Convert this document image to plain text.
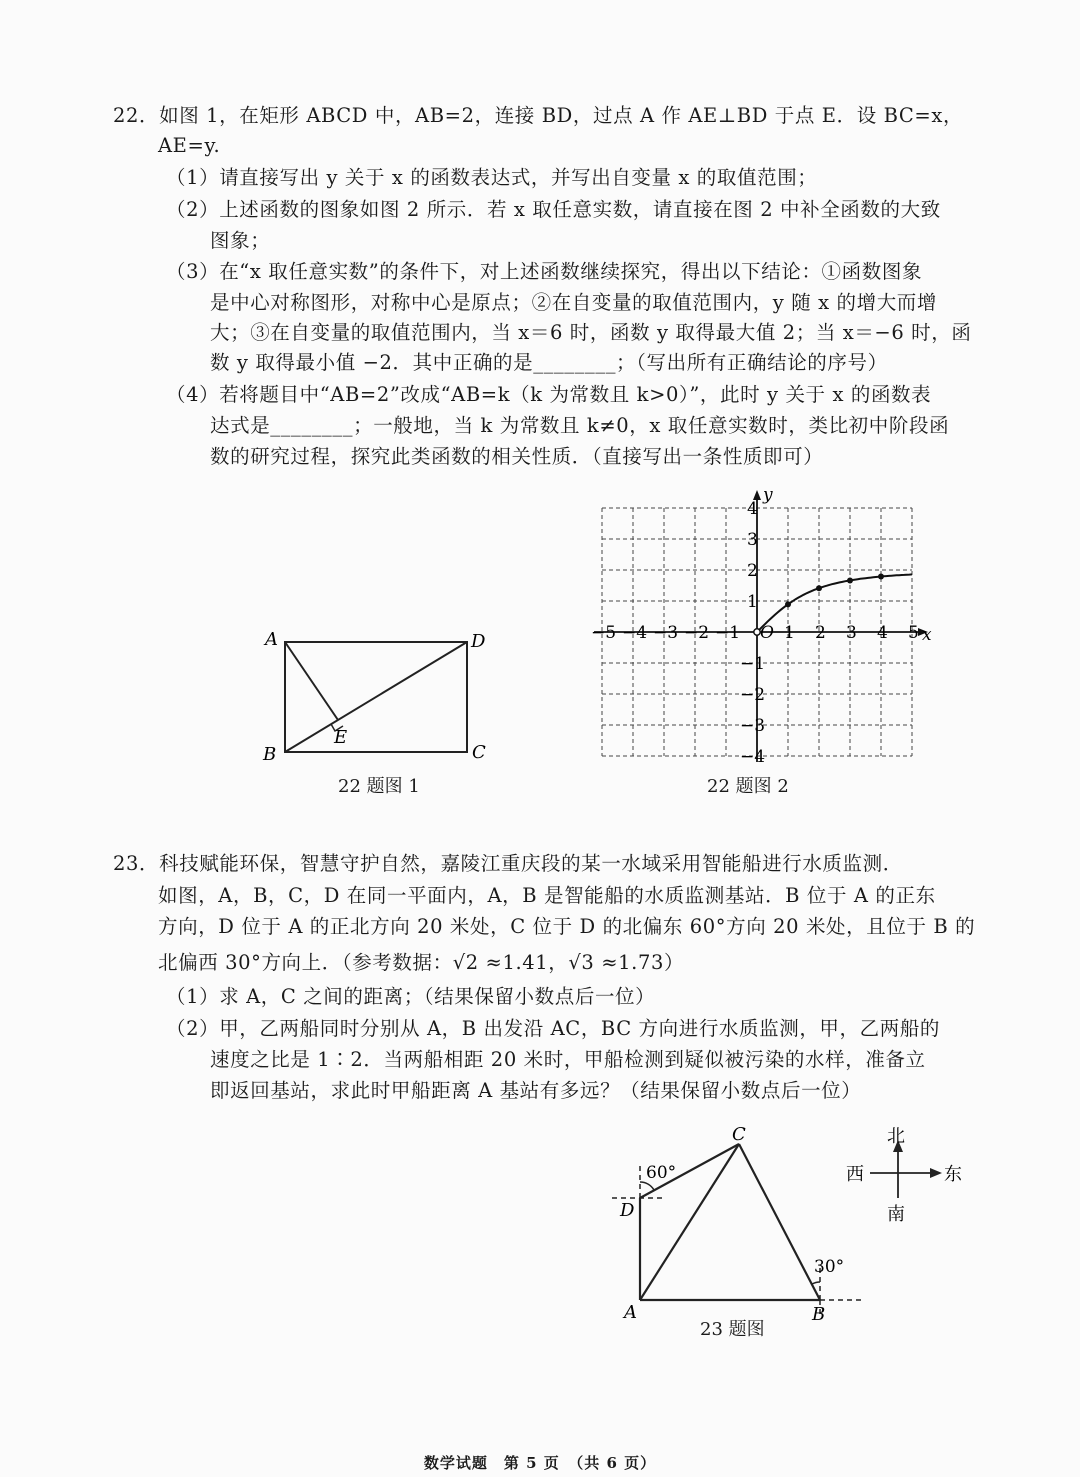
22．如图 1，在矩形 ABCD 中，AB=2，连接 BD，过点 A 作 AE⊥BD 于点 E．设 BC=x，
AE=y.
（1）请直接写出 y 关于 x 的函数表达式，并写出自变量 x 的取值范围；
（2）上述函数的图象如图 2 所示．若 x 取任意实数，请直接在图 2 中补全函数的大致
图象；
（3）在“x 取任意实数”的条件下，对上述函数继续探究，得出以下结论：①函数图象
是中心对称图形，对称中心是原点；②在自变量的取值范围内，y 随 x 的增大而增
大；③在自变量的取值范围内，当 x＝6 时，函数 y 取得最大值 2；当 x＝−6 时，函
数 y 取得最小值 −2．其中正确的是________；（写出所有正确结论的序号）
（4）若将题目中“AB=2”改成“AB=k（k 为常数且 k>0）”，此时 y 关于 x 的函数表
达式是________；一般地，当 k 为常数且 k≠0，x 取任意实数时，类比初中阶段函
数的研究过程，探究此类函数的相关性质．（直接写出一条性质即可）
A	D
B	C
E
22 题图 1
x
y
−5 −4 −3 −2 −1	1 2 3 4 5
O
4
3
2
1
−1
−2
−3
−4
22 题图 2
23．科技赋能环保，智慧守护自然，嘉陵江重庆段的某一水域采用智能船进行水质监测．
如图，A，B，C，D 在同一平面内，A，B 是智能船的水质监测基站．B 位于 A 的正东
方向，D 位于 A 的正北方向 20 米处，C 位于 D 的北偏东 60°方向 20 米处，且位于 B 的
北偏西 30°方向上．（参考数据：√2 ≈1.41，√3 ≈1.73）
（1）求 A，C 之间的距离；（结果保留小数点后一位）
（2）甲，乙两船同时分别从 A，B 出发沿 AC，BC 方向进行水质监测，甲，乙两船的
速度之比是 1∶2．当两船相距 20 米时，甲船检测到疑似被污染的水样，准备立
即返回基站，求此时甲船距离 A 基站有多远？（结果保留小数点后一位）
60°
30°
A	B
C
D
北
南
西	东
23 题图
数学试题　第 5 页　（共 6 页）
